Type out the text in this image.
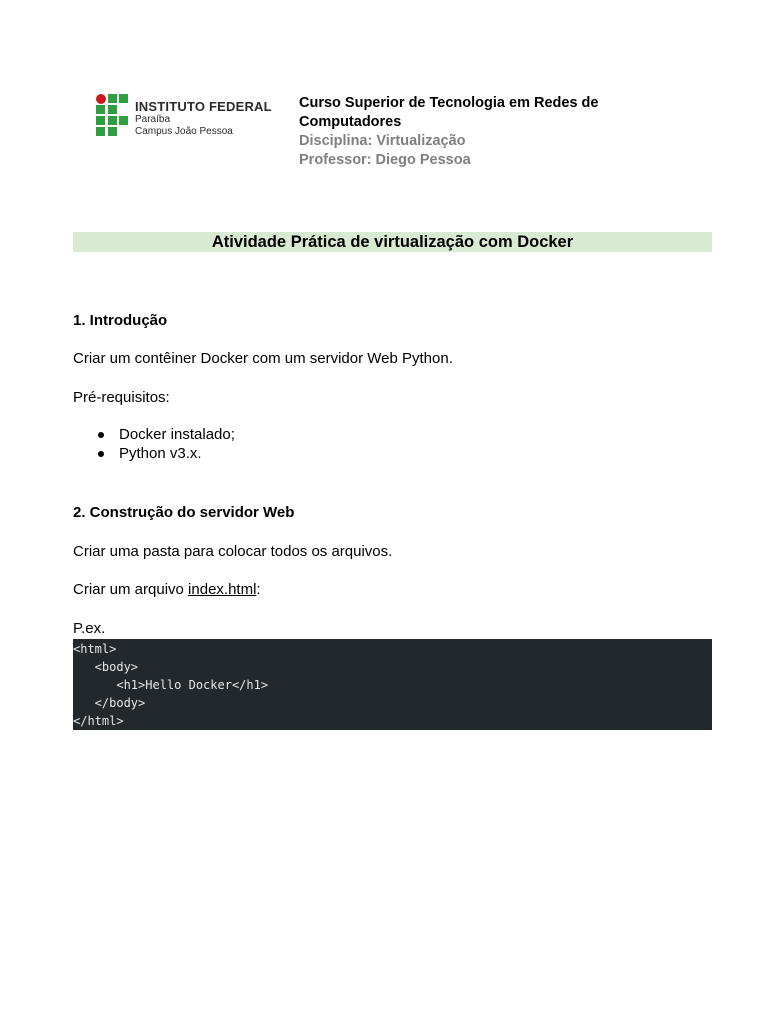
INSTITUTO FEDERAL
Paraíba
Campus João Pessoa
Curso Superior de Tecnologia em Redes de
Computadores
Disciplina: Virtualização
Professor: Diego Pessoa
Atividade Prática de virtualização com Docker
1. Introdução
Criar um contêiner Docker com um servidor Web Python.
Pré-requisitos:
Docker instalado;
Python v3.x.
2. Construção do servidor Web
Criar uma pasta para colocar todos os arquivos.
Criar um arquivo index.html:
P.ex.
<html>
<body>
<h1>Hello Docker</h1>
</body>
</html>
